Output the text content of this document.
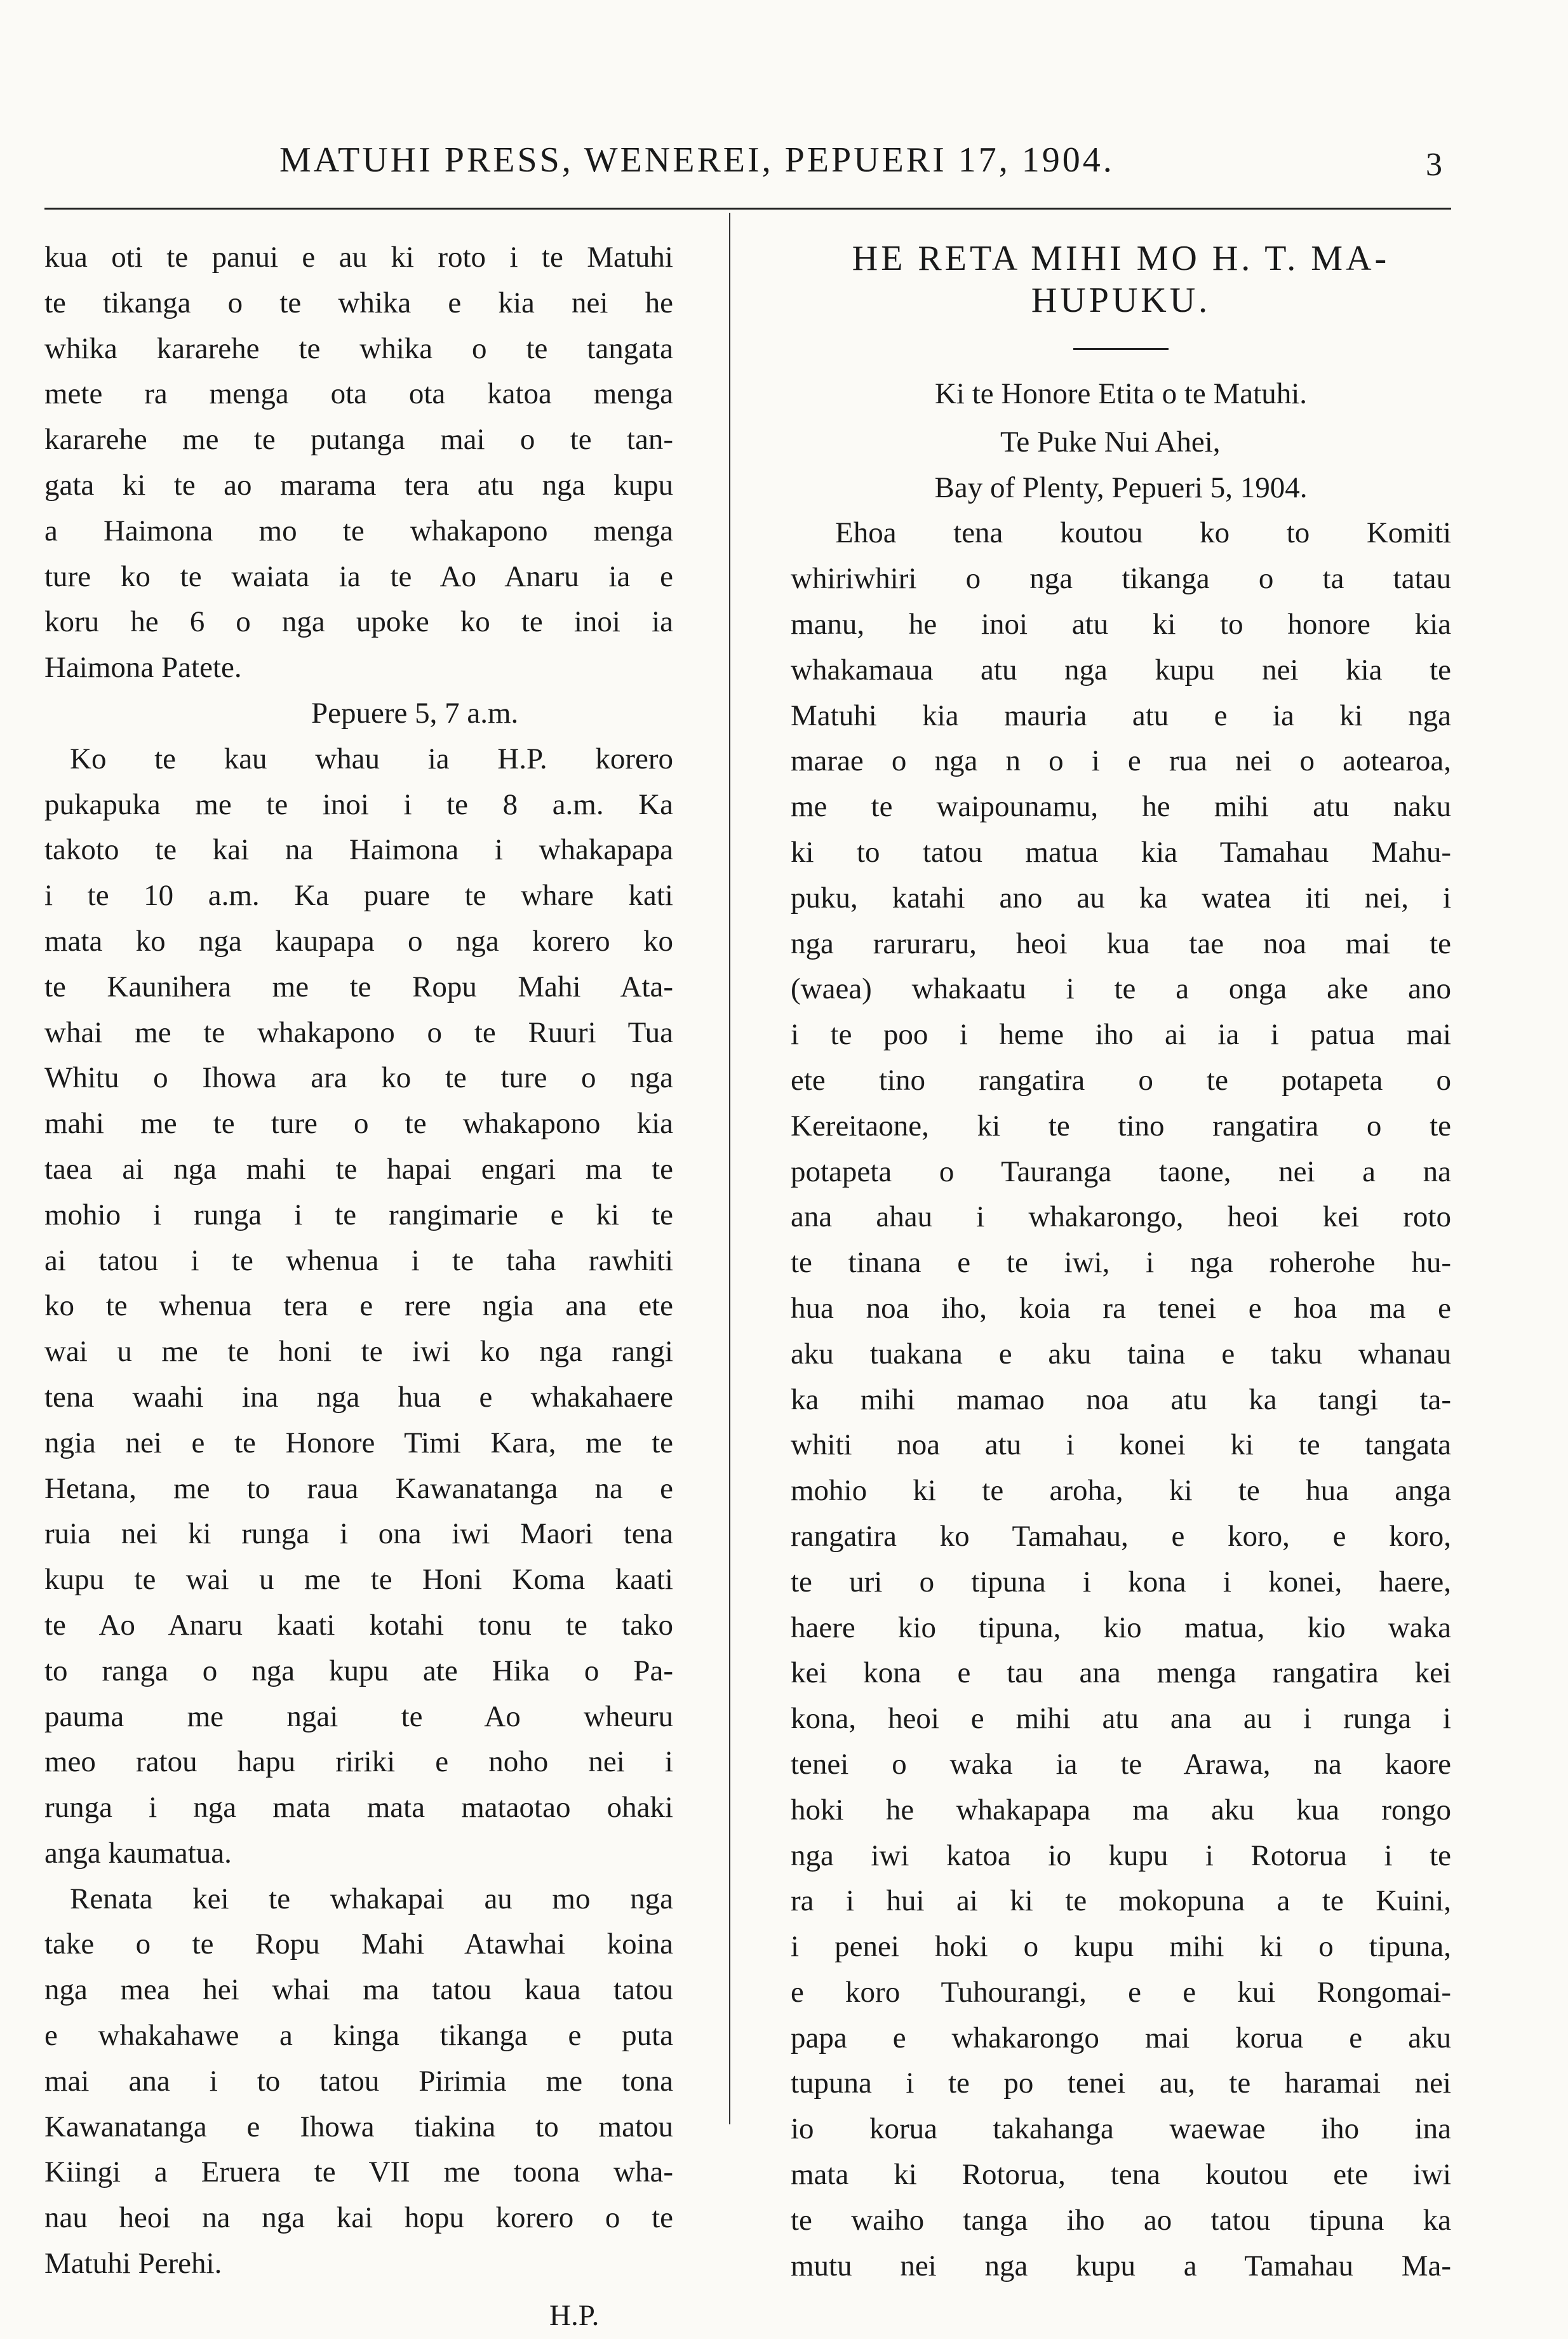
MATUHI PRESS, WENEREI, PEPUERI 17, 1904.	3
kua oti te panui e au ki roto i te Matuhi
te tikanga o te whika e kia nei he
whika kararehe te whika o te tangata
mete ra menga ota ota katoa menga
kararehe me te putanga mai o te tan-
gata ki te ao marama tera atu nga kupu
a Haimona mo te whakapono menga
ture ko te waiata ia te Ao Anaru ia e
koru he 6 o nga upoke ko te inoi ia
Haimona Patete.
Pepuere 5, 7 a.m.
Ko te kau whau ia H.P. korero
pukapuka me te inoi i te 8 a.m. Ka
takoto te kai na Haimona i whakapapa
i te 10 a.m. Ka puare te whare kati
mata ko nga kaupapa o nga korero ko
te Kaunihera me te Ropu Mahi Ata-
whai me te whakapono o te Ruuri Tua
Whitu o Ihowa ara ko te ture o nga
mahi me te ture o te whakapono kia
taea ai nga mahi te hapai engari ma te
mohio i runga i te rangimarie e ki te
ai tatou i te whenua i te taha rawhiti
ko te whenua tera e rere ngia ana ete
wai u me te honi te iwi ko nga rangi
tena waahi ina nga hua e whakahaere
ngia nei e te Honore Timi Kara, me te
Hetana, me to raua Kawanatanga na e
ruia nei ki runga i ona iwi Maori tena
kupu te wai u me te Honi Koma kaati
te Ao Anaru kaati kotahi tonu te tako
to ranga o nga kupu ate Hika o Pa-
pauma me ngai te Ao wheuru
meo ratou hapu ririki e noho nei i
runga i nga mata mata mataotao ohaki
anga kaumatua.
Renata kei te whakapai au mo nga
take o te Ropu Mahi Atawhai koina
nga mea hei whai ma tatou kaua tatou
e whakahawe a kinga tikanga e puta
mai ana i to tatou Pirimia me tona
Kawanatanga e Ihowa tiakina to matou
Kiingi a Eruera te VII me toona wha-
nau heoi na nga kai hopu korero o te
Matuhi Perehi.
H.P.
HE RETA MIHI MO H. T. MA-
HUPUKU.
Ki te Honore Etita o te Matuhi.
Te Puke Nui Ahei,
Bay of Plenty, Pepueri 5, 1904.
Ehoa tena koutou ko to Komiti
whiriwhiri o nga tikanga o ta tatau
manu, he inoi atu ki to honore kia
whakamaua atu nga kupu nei kia te
Matuhi kia mauria atu e ia ki nga
marae o nga n o i e rua nei o aotearoa,
me te waipounamu, he mihi atu naku
ki to tatou matua kia Tamahau Mahu-
puku, katahi ano au ka watea iti nei, i
nga raruraru, heoi kua tae noa mai te
(waea) whakaatu i te a onga ake ano
i te poo i heme iho ai ia i patua mai
ete tino rangatira o te potapeta o
Kereitaone, ki te tino rangatira o te
potapeta o Tauranga taone, nei a na
ana ahau i whakarongo, heoi kei roto
te tinana e te iwi, i nga roherohe hu-
hua noa iho, koia ra tenei e hoa ma e
aku tuakana e aku taina e taku whanau
ka mihi mamao noa atu ka tangi ta-
whiti noa atu i konei ki te tangata
mohio ki te aroha, ki te hua anga
rangatira ko Tamahau, e koro, e koro,
te uri o tipuna i kona i konei, haere,
haere kio tipuna, kio matua, kio waka
kei kona e tau ana menga rangatira kei
kona, heoi e mihi atu ana au i runga i
tenei o waka ia te Arawa, na kaore
hoki he whakapapa ma aku kua rongo
nga iwi katoa io kupu i Rotorua i te
ra i hui ai ki te mokopuna a te Kuini,
i penei hoki o kupu mihi ki o tipuna,
e koro Tuhourangi, e e kui Rongomai-
papa e whakarongo mai korua e aku
tupuna i te po tenei au, te haramai nei
io korua takahanga waewae iho ina
mata ki Rotorua, tena koutou ete iwi
te waiho tanga iho ao tatou tipuna ka
mutu nei nga kupu a Tamahau Ma-
